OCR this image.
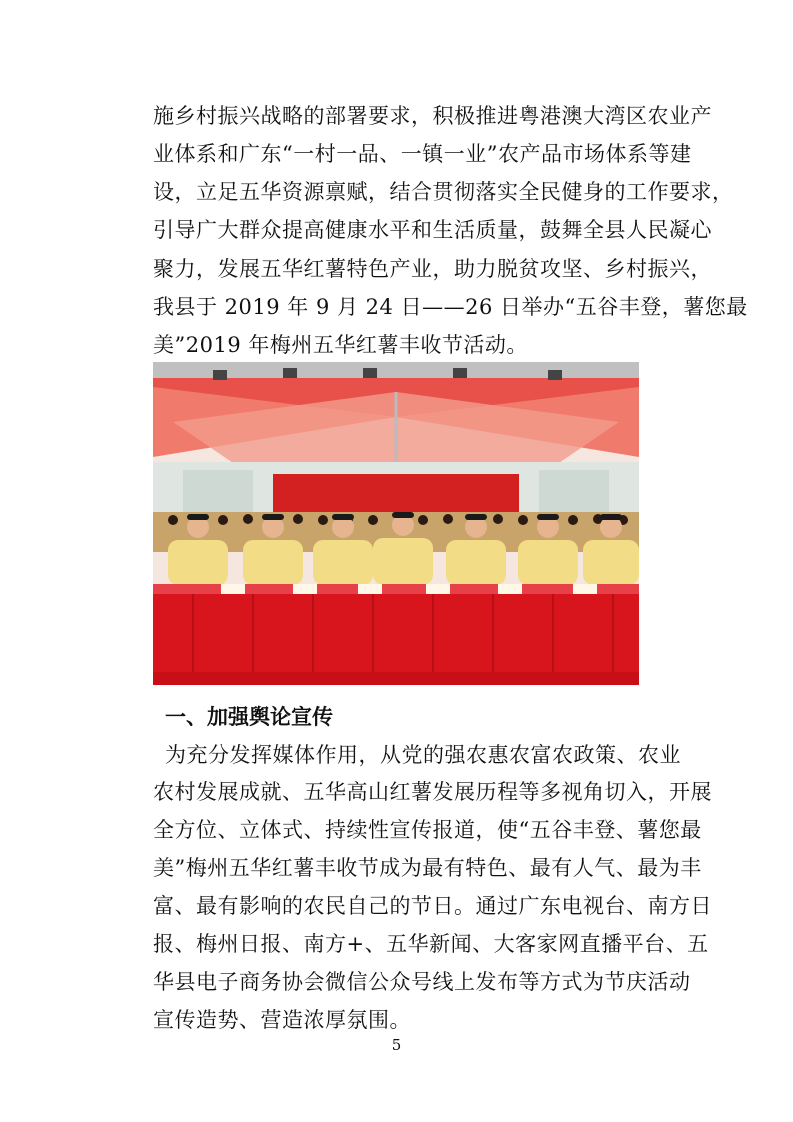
施乡村振兴战略的部署要求，积极推进粤港澳大湾区农业产
业体系和广东“一村一品、一镇一业”农产品市场体系等建
设，立足五华资源禀赋，结合贯彻落实全民健身的工作要求，
引导广大群众提高健康水平和生活质量，鼓舞全县人民凝心
聚力，发展五华红薯特色产业，助力脱贫攻坚、乡村振兴，
我县于 2019 年 9 月 24 日——26 日举办“五谷丰登，薯您最
美”2019 年梅州五华红薯丰收节活动。
一、加强舆论宣传
为充分发挥媒体作用，从党的强农惠农富农政策、农业
农村发展成就、五华高山红薯发展历程等多视角切入，开展
全方位、立体式、持续性宣传报道，使“五谷丰登、薯您最
美”梅州五华红薯丰收节成为最有特色、最有人气、最为丰
富、最有影响的农民自己的节日。通过广东电视台、南方日
报、梅州日报、南方+、五华新闻、大客家网直播平台、五
华县电子商务协会微信公众号线上发布等方式为节庆活动
宣传造势、营造浓厚氛围。
5
